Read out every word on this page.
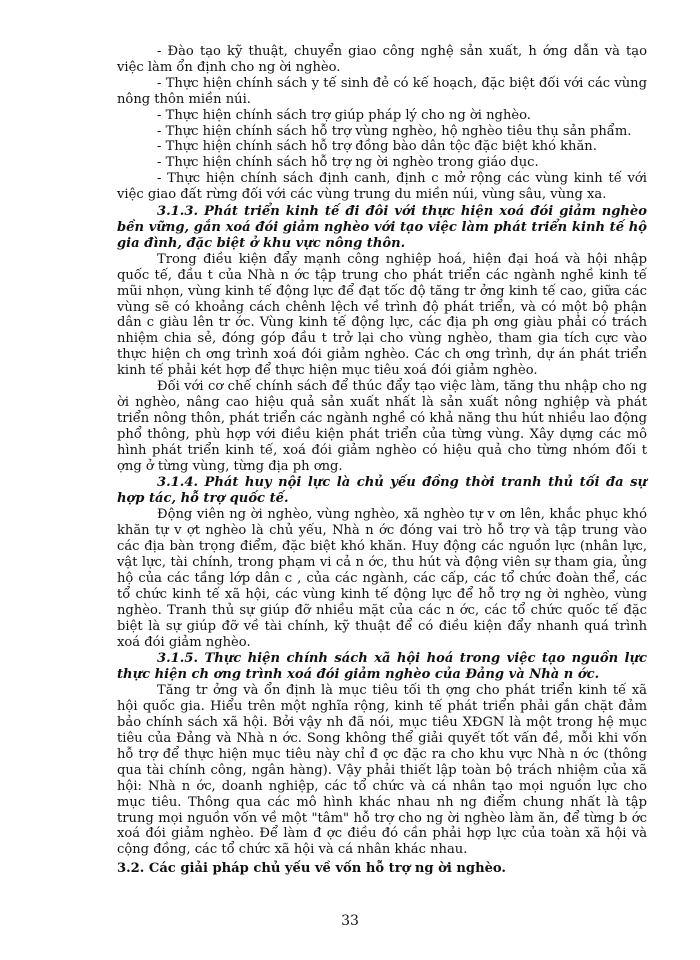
- Đào tạo kỹ thuật, chuyển giao công nghệ sản xuất, h ớng dẫn và tạo việc làm ổn định cho ng ời nghèo.

- Thực hiện chính sách y tế sinh đẻ có kế hoạch, đặc biệt đối với các vùng nông thôn miền núi.

- Thực hiện chính sách trợ giúp pháp lý cho ng ời nghèo.

- Thực hiện chính sách hỗ trợ vùng nghèo, hộ nghèo tiêu thụ sản phẩm.

- Thực hiện chính sách hỗ trợ đồng bào dân tộc đặc biệt khó khăn.

- Thực hiện chính sách hỗ trợ ng ời nghèo trong giáo dục.

- Thực hiện chính sách định canh, định c mở rộng các vùng kinh tế với việc giao đất rừng đối với các vùng trung du miền núi, vùng sâu, vùng xa.

3.1.3. Phát triển kinh tế đi đôi với thực hiện xoá đói giảm nghèo bền vững, gắn xoá đói giảm nghèo với tạo việc làm phát triển kinh tế hộ gia đình, đặc biệt ở khu vực nông thôn.

Trong điều kiện đẩy mạnh công nghiệp hoá, hiện đại hoá và hội nhập quốc tế, đầu t của Nhà n ớc tập trung cho phát triển các ngành nghề kinh tế mũi nhọn, vùng kinh tế động lực để đạt tốc độ tăng tr ởng kinh tế cao, giữa các vùng sẽ có khoảng cách chênh lệch về trình độ phát triển, và có một bộ phận dân c giàu lên tr ớc. Vùng kinh tế động lực, các địa ph ơng giàu phải có trách nhiệm chia sẻ, đóng góp đầu t trở lại cho vùng nghèo, tham gia tích cực vào thực hiện ch ơng trình xoá đói giảm nghèo. Các ch ơng trình, dự án phát triển kinh tế phải két hợp để thực hiện mục tiêu xoá đói giảm nghèo.

Đối với cơ chế chính sách để thúc đẩy tạo việc làm, tăng thu nhập cho ng ời nghèo, nâng cao hiệu quả sản xuất nhất là sản xuất nông nghiệp và phát triển nông thôn, phát triển các ngành nghề có khả năng thu hút nhiều lao động phổ thông, phù hợp với điều kiện phát triển của từng vùng. Xây dựng các mô hình phát triển kinh tế, xoá đói giảm nghèo có hiệu quả cho từng nhóm đối t ợng ở từng vùng, từng địa ph ơng.

3.1.4. Phát huy nội lực là chủ yếu đồng thời tranh thủ tối đa sự hợp tác, hỗ trợ quốc tế.

Động viên ng ời nghèo, vùng nghèo, xã nghèo tự v ơn lên, khắc phục khó khăn tự v ợt nghèo là chủ yếu, Nhà n ớc đóng vai trò hỗ trợ và tập trung vào các địa bàn trọng điểm, đặc biệt khó khăn. Huy động các nguồn lực (nhân lực, vật lực, tài chính, trong phạm vi cả n ớc, thu hút và động viên sự tham gia, ủng hộ của các tầng lớp dân c , của các ngành, các cấp, các tổ chức đoàn thể, các tổ chức kinh tế xã hội, các vùng kinh tế động lực để hỗ trợ ng ời nghèo, vùng nghèo. Tranh thủ sự giúp đỡ nhiều mặt của các n ớc, các tổ chức quốc tế đặc biệt là sự giúp đỡ về tài chính, kỹ thuật để có điều kiện đẩy nhanh quá trình xoá đói giảm nghèo.

3.1.5. Thực hiện chính sách xã hội hoá trong việc tạo nguồn lực thực hiện ch ơng trình xoá đói giảm nghèo của Đảng và Nhà n ớc.

Tăng tr ởng và ổn định là mục tiêu tối th ợng cho phát triển kinh tế xã hội quốc gia. Hiểu trên một nghĩa rộng, kinh tế phát triển phải gắn chặt đảm bảo chính sách xã hội. Bởi vậy nh đã nói, mục tiêu XĐGN là một trong hệ mục tiêu của Đảng và Nhà n ớc. Song không thể giải quyết tốt vấn đề, mỗi khi vốn hỗ trợ để thực hiện mục tiêu này chỉ đ ợc đặc ra cho khu vực Nhà n ớc (thông qua tài chính công, ngân hàng). Vậy phải thiết lập toàn bộ trách nhiệm của xã hội: Nhà n ớc, doanh nghiệp, các tổ chức và cá nhân tạo mọi nguồn lực cho mục tiêu. Thông qua các mô hình khác nhau nh ng điểm chung nhất là tập trung mọi nguồn vốn về một "tâm" hỗ trợ cho ng ời nghèo làm ăn, để từng b ớc xoá đói giảm nghèo. Để làm đ ợc điều đó cần phải hợp lực của toàn xã hội và cộng đồng, các tổ chức xã hội và cá nhân khác nhau.

3.2. Các giải pháp chủ yếu về vốn hỗ trợ ng ời nghèo.

33
